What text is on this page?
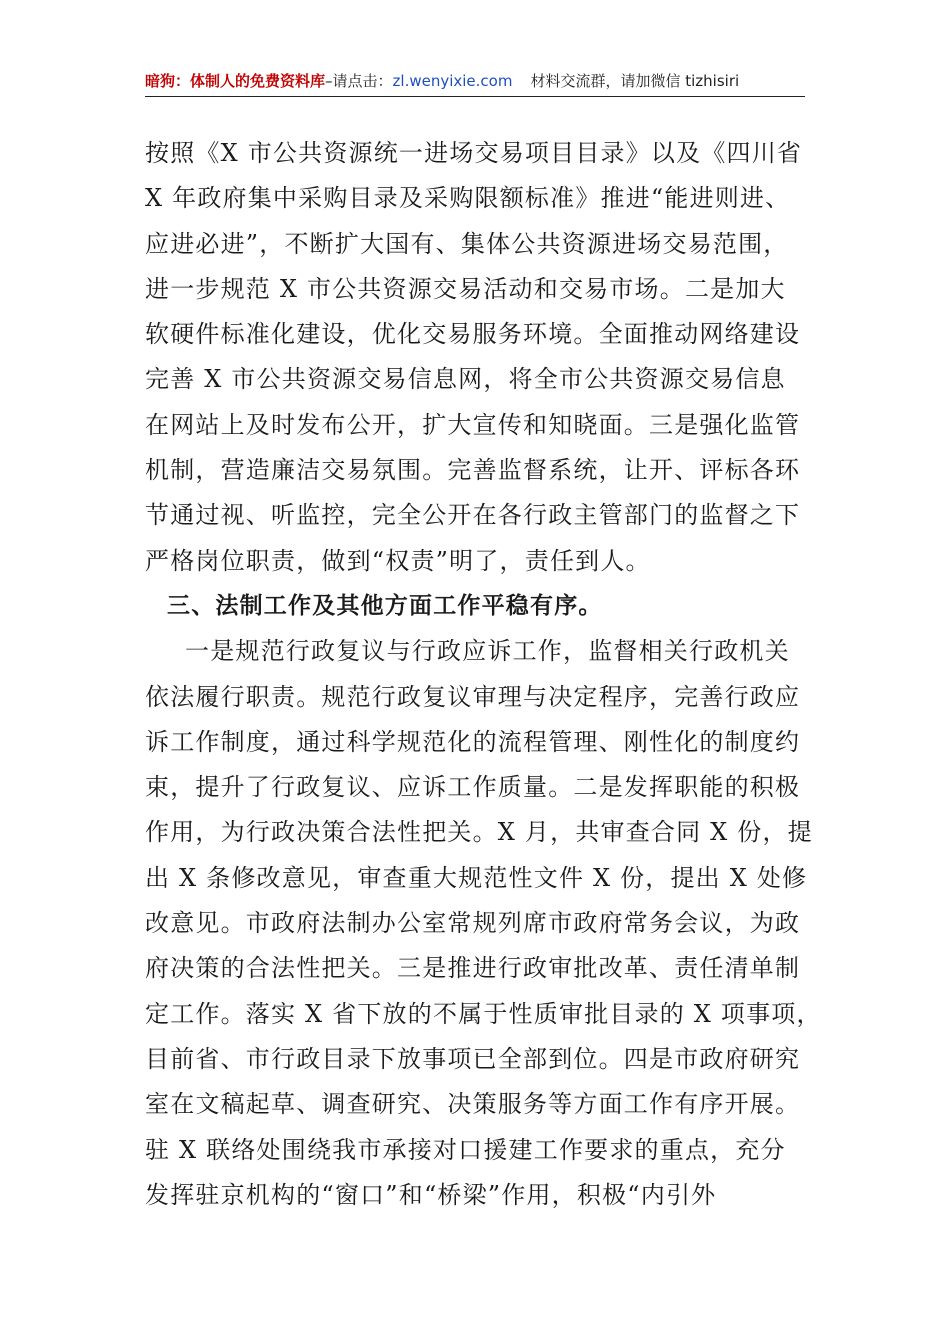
暗狗：体制人的免费资料库–请点击：zl.wenyixie.com 材料交流群，请加微信 tizhisiri
按照《X 市公共资源统一进场交易项目目录》以及《四川省
X 年政府集中采购目录及采购限额标准》推进“能进则进、
应进必进”，不断扩大国有、集体公共资源进场交易范围，
进一步规范 X 市公共资源交易活动和交易市场。二是加大
软硬件标准化建设，优化交易服务环境。全面推动网络建设
完善 X 市公共资源交易信息网，将全市公共资源交易信息
在网站上及时发布公开，扩大宣传和知晓面。三是强化监管
机制，营造廉洁交易氛围。完善监督系统，让开、评标各环
节通过视、听监控，完全公开在各行政主管部门的监督之下
严格岗位职责，做到“权责”明了，责任到人。
三、法制工作及其他方面工作平稳有序。
一是规范行政复议与行政应诉工作，监督相关行政机关
依法履行职责。规范行政复议审理与决定程序，完善行政应
诉工作制度，通过科学规范化的流程管理、刚性化的制度约
束，提升了行政复议、应诉工作质量。二是发挥职能的积极
作用，为行政决策合法性把关。X 月，共审查合同 X 份，提
出 X 条修改意见，审查重大规范性文件 X 份，提出 X 处修
改意见。市政府法制办公室常规列席市政府常务会议，为政
府决策的合法性把关。三是推进行政审批改革、责任清单制
定工作。落实 X 省下放的不属于性质审批目录的 X 项事项，
目前省、市行政目录下放事项已全部到位。四是市政府研究
室在文稿起草、调查研究、决策服务等方面工作有序开展。
驻 X 联络处围绕我市承接对口援建工作要求的重点，充分
发挥驻京机构的“窗口”和“桥梁”作用，积极“内引外
